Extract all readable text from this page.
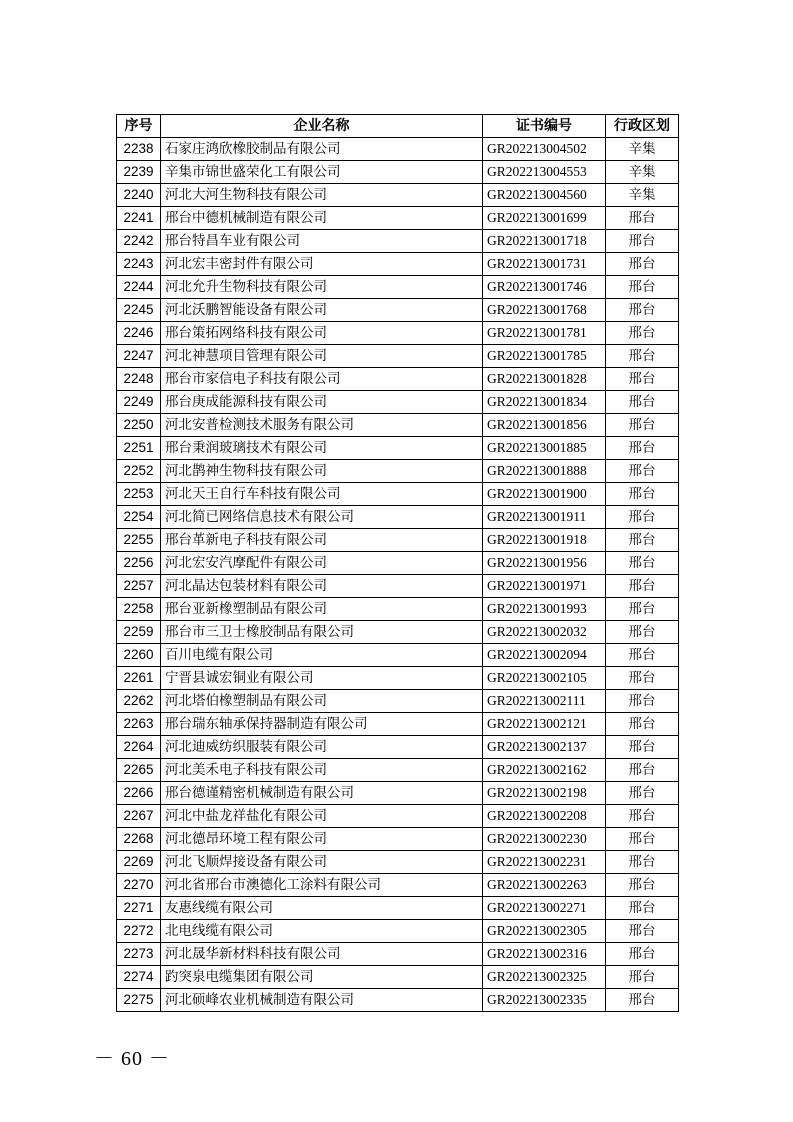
序号	企业名称	证书编号	行政区划
2238	石家庄鸿欣橡胶制品有限公司	GR202213004502	辛集
2239	辛集市锦世盛荣化工有限公司	GR202213004553	辛集
2240	河北大河生物科技有限公司	GR202213004560	辛集
2241	邢台中德机械制造有限公司	GR202213001699	邢台
2242	邢台特昌车业有限公司	GR202213001718	邢台
2243	河北宏丰密封件有限公司	GR202213001731	邢台
2244	河北允升生物科技有限公司	GR202213001746	邢台
2245	河北沃鹏智能设备有限公司	GR202213001768	邢台
2246	邢台策拓网络科技有限公司	GR202213001781	邢台
2247	河北神慧项目管理有限公司	GR202213001785	邢台
2248	邢台市家信电子科技有限公司	GR202213001828	邢台
2249	邢台庚成能源科技有限公司	GR202213001834	邢台
2250	河北安普检测技术服务有限公司	GR202213001856	邢台
2251	邢台秉润玻璃技术有限公司	GR202213001885	邢台
2252	河北鹊神生物科技有限公司	GR202213001888	邢台
2253	河北天王自行车科技有限公司	GR202213001900	邢台
2254	河北简已网络信息技术有限公司	GR202213001911	邢台
2255	邢台革新电子科技有限公司	GR202213001918	邢台
2256	河北宏安汽摩配件有限公司	GR202213001956	邢台
2257	河北晶达包装材料有限公司	GR202213001971	邢台
2258	邢台亚新橡塑制品有限公司	GR202213001993	邢台
2259	邢台市三卫士橡胶制品有限公司	GR202213002032	邢台
2260	百川电缆有限公司	GR202213002094	邢台
2261	宁晋县诚宏铜业有限公司	GR202213002105	邢台
2262	河北塔伯橡塑制品有限公司	GR202213002111	邢台
2263	邢台瑞东轴承保持器制造有限公司	GR202213002121	邢台
2264	河北迪威纺织服装有限公司	GR202213002137	邢台
2265	河北美禾电子科技有限公司	GR202213002162	邢台
2266	邢台德谨精密机械制造有限公司	GR202213002198	邢台
2267	河北中盐龙祥盐化有限公司	GR202213002208	邢台
2268	河北德昂环境工程有限公司	GR202213002230	邢台
2269	河北飞顺焊接设备有限公司	GR202213002231	邢台
2270	河北省邢台市澳德化工涂料有限公司	GR202213002263	邢台
2271	友惠线缆有限公司	GR202213002271	邢台
2272	北电线缆有限公司	GR202213002305	邢台
2273	河北晟华新材料科技有限公司	GR202213002316	邢台
2274	趵突泉电缆集团有限公司	GR202213002325	邢台
2275	河北硕峰农业机械制造有限公司	GR202213002335	邢台
－ 60 －
